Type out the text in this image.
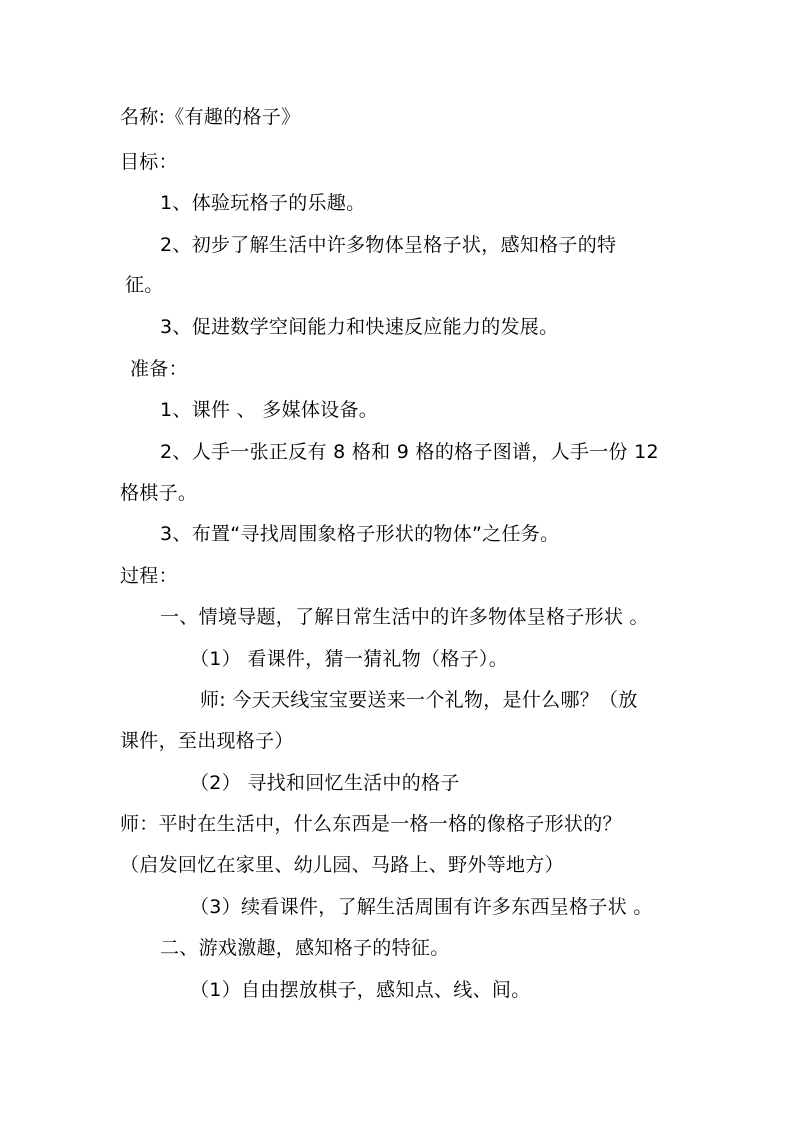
名称:《有趣的格子》
目标：
1、体验玩格子的乐趣。
2、初步了解生活中许多物体呈格子状，感知格子的特
征。
3、促进数学空间能力和快速反应能力的发展。
准备：
1、课件 、 多媒体设备。
2、人手一张正反有 8 格和 9 格的格子图谱，人手一份 12
格棋子。
3、布置“寻找周围象格子形状的物体”之任务。
过程：
一、情境导题，了解日常生活中的许多物体呈格子形状 。
（1） 看课件，猜一猜礼物（格子）。
师: 今天天线宝宝要送来一个礼物，是什么哪？（放
课件，至出现格子）
（2） 寻找和回忆生活中的格子
师：平时在生活中，什么东西是一格一格的像格子形状的？
（启发回忆在家里、幼儿园、马路上、野外等地方）
（3）续看课件，了解生活周围有许多东西呈格子状 。
二、游戏激趣，感知格子的特征。
（1）自由摆放棋子，感知点、线、间。
